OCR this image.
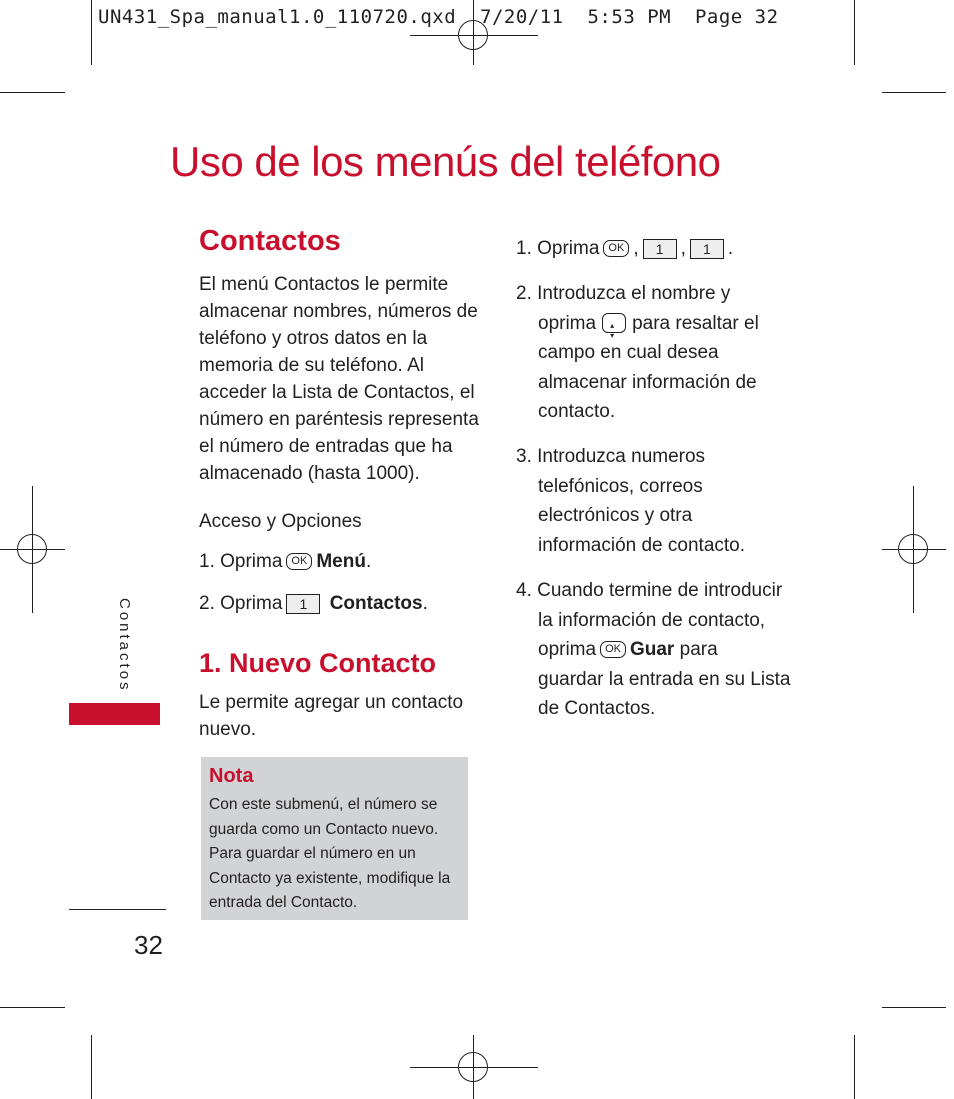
UN431_Spa_manual1.0_110720.qxd  7/20/11  5:53 PM  Page 32
Uso de los menús del teléfono
Contactos
El menú Contactos le permite
almacenar nombres, números de
teléfono y otros datos en la
memoria de su teléfono. Al
acceder la Lista de Contactos, el
número en paréntesis representa
el número de entradas que ha
almacenado (hasta 1000).
Acceso y Opciones
1. Oprima OK Menú.
2. Oprima 1 Contactos.
1. Nuevo Contacto
Le permite agregar un contacto
nuevo.
Nota
Con este submenú, el número se
guarda como un Contacto nuevo.
Para guardar el número en un
Contacto ya existente, modifique la
entrada del Contacto.
1. Oprima OK , 1 , 1 .
2. Introduzca el nombre y
oprima▴ ▾ para resaltar el
campo en cual desea
almacenar información de
contacto.
3. Introduzca numeros
telefónicos, correos
electrónicos y otra
información de contacto.
4. Cuando termine de introducir
la información de contacto,
oprima OK Guar para
guardar la entrada en su Lista
de Contactos.
Contactos
32
